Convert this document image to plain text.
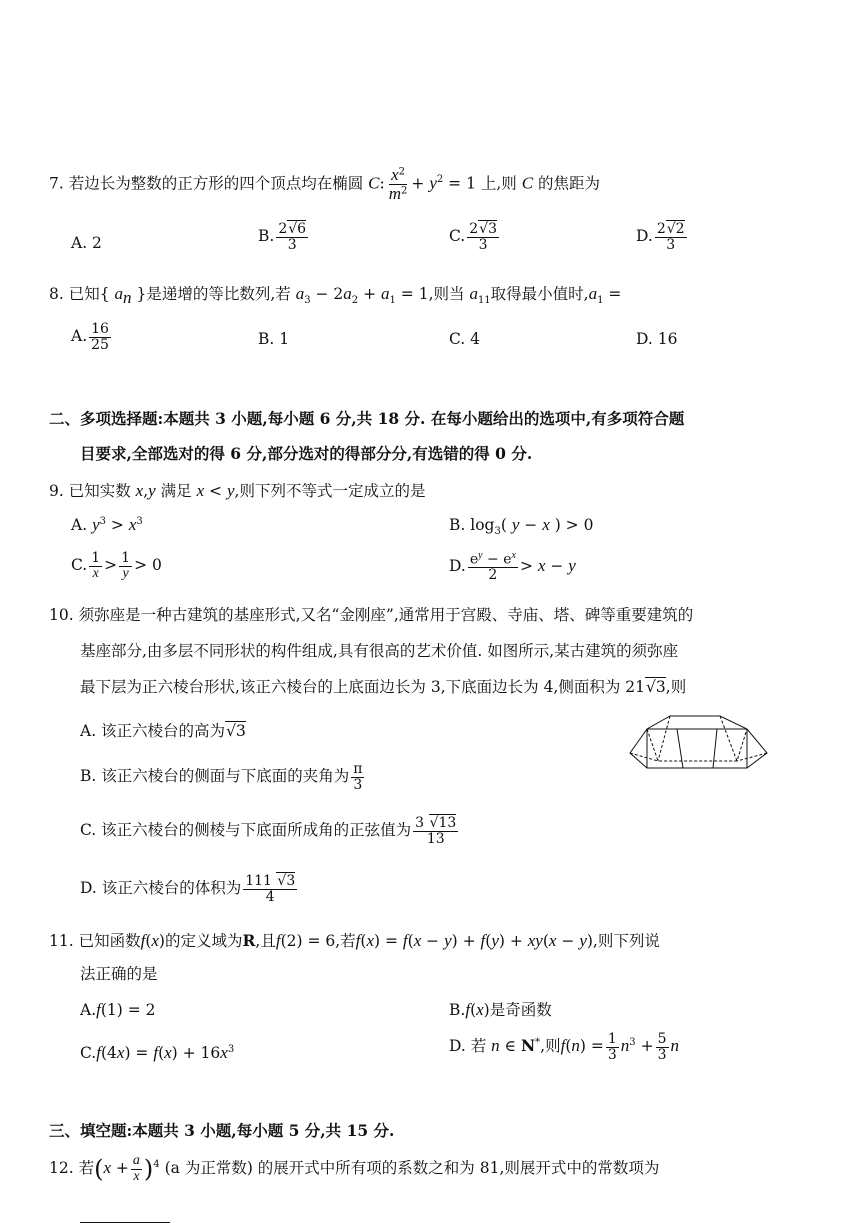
7. 若边长为整数的正方形的四个顶点均在椭圆 C: $\frac{x^2}{m^2} + y^2 = 1$ 上,则 C 的焦距为
A. 2	B. $\frac{2√6}{3}$	C. $\frac{2√3}{3}$	D. $\frac{2√2}{3}$
8. 已知{ $a_n$ }是递增的等比数列,若 $a_3 - 2a_2 + a_1 = 1$,则当 $a_{11}$取得最小值时$,a_1$ =
A. $\frac{16}{25}$	B. 1	C. 4	D. 16
二、多项选择题:本题共 3 小题,每小题 6 分,共 18 分. 在每小题给出的选项中,有多项符合题
目要求,全部选对的得 6 分,部分选对的得部分分,有选错的得 0 分.
9. 已知实数 x,y 满足 x < y,则下列不等式一定成立的是
A. $y^3 > x^3$	B. $\log_3$( y − x ) > 0
C. $\frac{1}{x} > \frac{1}{y} > 0$	D. $\frac{e^y - e^x}{2} > x - y$
10. 须弥座是一种古建筑的基座形式,又名“金刚座”,通常用于宫殿、寺庙、塔、碑等重要建筑的
基座部分,由多层不同形状的构件组成,具有很高的艺术价值. 如图所示,某古建筑的须弥座
最下层为正六棱台形状,该正六棱台的上底面边长为 3,下底面边长为 4,侧面积为 21√3,则
A. 该正六棱台的高为√3
B. 该正六棱台的侧面与下底面的夹角为 $\frac{\pi}{3}$
C. 该正六棱台的侧棱与下底面所成角的正弦值为 $\frac{3 √13}{13}$
D. 该正六棱台的体积为 $\frac{111 √3}{4}$
11. 已知函数f(x)的定义域为R,且f(2) = 6,若f(x) = f(x − y) + f(y) + xy(x − y),则下列说
法正确的是
A.f(1) = 2	B.f(x)是奇函数
$C.f(4x) = f(x) + 16x^3$	D. 若 n ∈ N*,则$f(n) = \frac{1}{3} n^3 + \frac{5}{3}$ n
三、填空题:本题共 3 小题,每小题 5 分,共 15 分.
12. 若$(x + \frac{a}{x} )^4$ (a 为正常数) 的展开式中所有项的系数之和为 81,则展开式中的常数项为
